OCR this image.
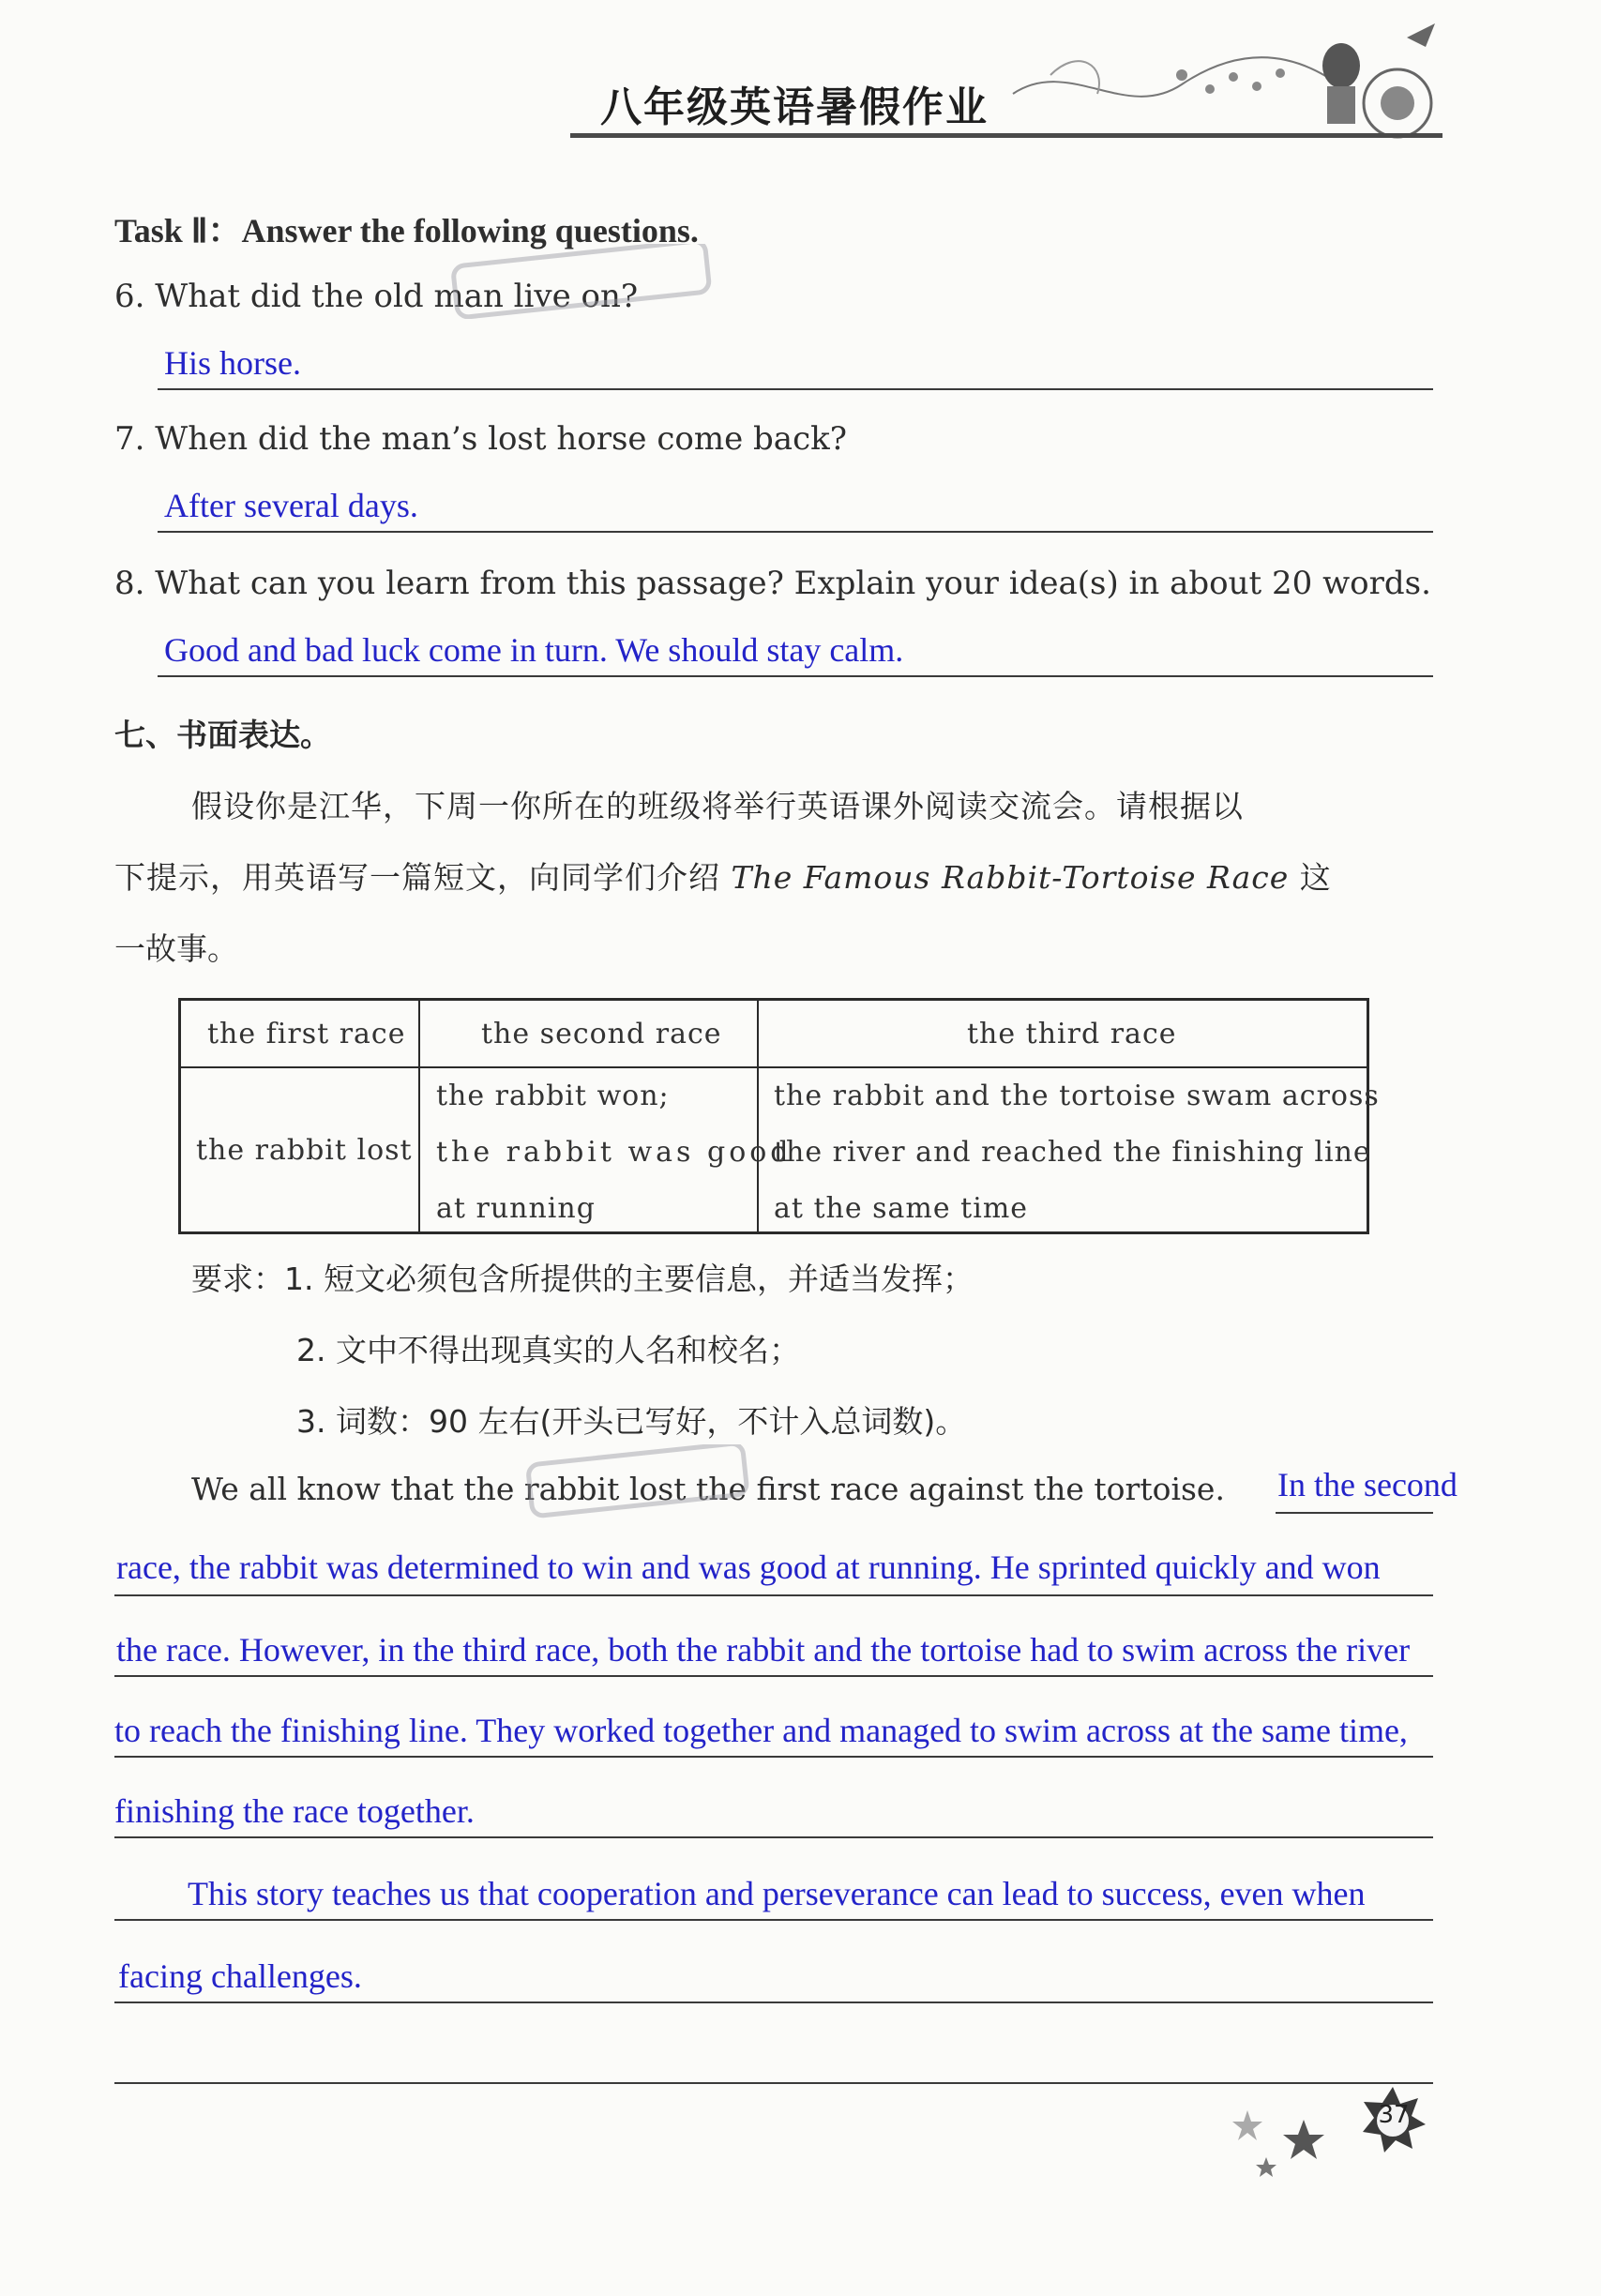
八年级英语暑假作业
Task Ⅱ：Answer the following questions.
6. What did the old man live on?
His horse.
7. When did the man’s lost horse come back?
After several days.
8. What can you learn from this passage? Explain your idea(s) in about 20 words.
Good and bad luck come in turn. We should stay calm.
七、书面表达。
假设你是江华，下周一你所在的班级将举行英语课外阅读交流会。请根据以
下提示，用英语写一篇短文，向同学们介绍 The Famous Rabbit-Tortoise Race 这
一故事。
the first race	the second race	the third race
the rabbit lost
the rabbit won;
the rabbit was good
at running
the rabbit and the tortoise swam across
the river and reached the finishing line
at the same time
要求：1. 短文必须包含所提供的主要信息，并适当发挥；
2. 文中不得出现真实的人名和校名；
3. 词数：90 左右(开头已写好，不计入总词数)。
We all know that the rabbit lost the first race against the tortoise. In the second
race, the rabbit was determined to win and was good at running. He sprinted quickly and won
the race. However, in the third race, both the rabbit and the tortoise had to swim across the river
to reach the finishing line. They worked together and managed to swim across at the same time,
finishing the race together.
This story teaches us that cooperation and perseverance can lead to success, even when
facing challenges.
37
